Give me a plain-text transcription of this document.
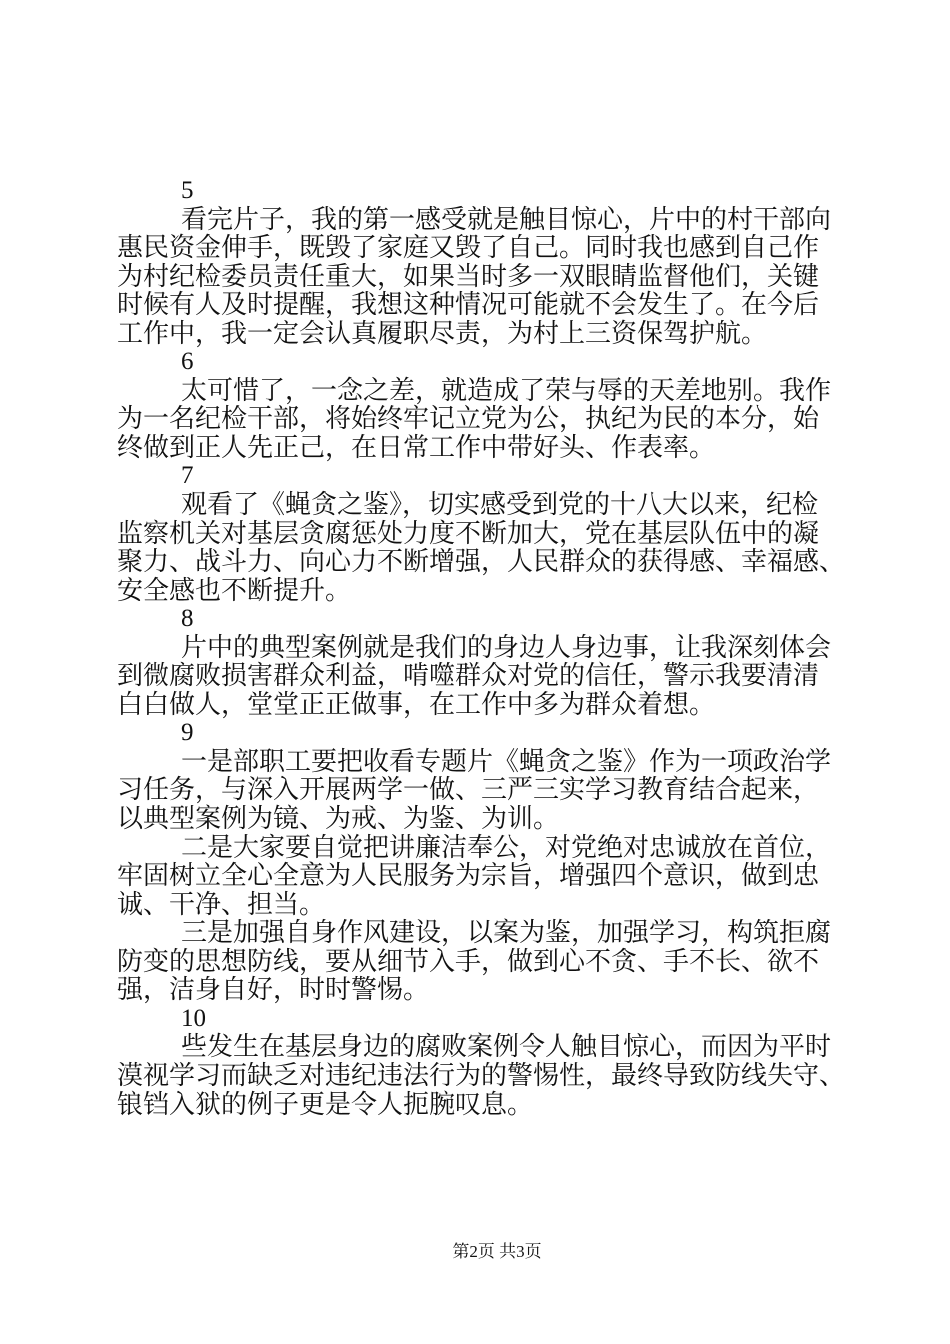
5
看完片子，我的第一感受就是触目惊心，片中的村干部向
惠民资金伸手，既毁了家庭又毁了自己。同时我也感到自己作
为村纪检委员责任重大，如果当时多一双眼睛监督他们，关键
时候有人及时提醒，我想这种情况可能就不会发生了。在今后
工作中，我一定会认真履职尽责，为村上三资保驾护航。
6
太可惜了，一念之差，就造成了荣与辱的天差地别。我作
为一名纪检干部，将始终牢记立党为公，执纪为民的本分，始
终做到正人先正己，在日常工作中带好头、作表率。
7
观看了《蝇贪之鉴》，切实感受到党的十八大以来，纪检
监察机关对基层贪腐惩处力度不断加大，党在基层队伍中的凝
聚力、战斗力、向心力不断增强，人民群众的获得感、幸福感、
安全感也不断提升。
8
片中的典型案例就是我们的身边人身边事，让我深刻体会
到微腐败损害群众利益，啃噬群众对党的信任，警示我要清清
白白做人，堂堂正正做事，在工作中多为群众着想。
9
一是部职工要把收看专题片《蝇贪之鉴》作为一项政治学
习任务，与深入开展两学一做、三严三实学习教育结合起来，
以典型案例为镜、为戒、为鉴、为训。
二是大家要自觉把讲廉洁奉公，对党绝对忠诚放在首位，
牢固树立全心全意为人民服务为宗旨，增强四个意识，做到忠
诚、干净、担当。
三是加强自身作风建设，以案为鉴，加强学习，构筑拒腐
防变的思想防线，要从细节入手，做到心不贪、手不长、欲不
强，洁身自好，时时警惕。
10
些发生在基层身边的腐败案例令人触目惊心，而因为平时
漠视学习而缺乏对违纪违法行为的警惕性，最终导致防线失守、
锒铛入狱的例子更是令人扼腕叹息。
第2页 共3页
